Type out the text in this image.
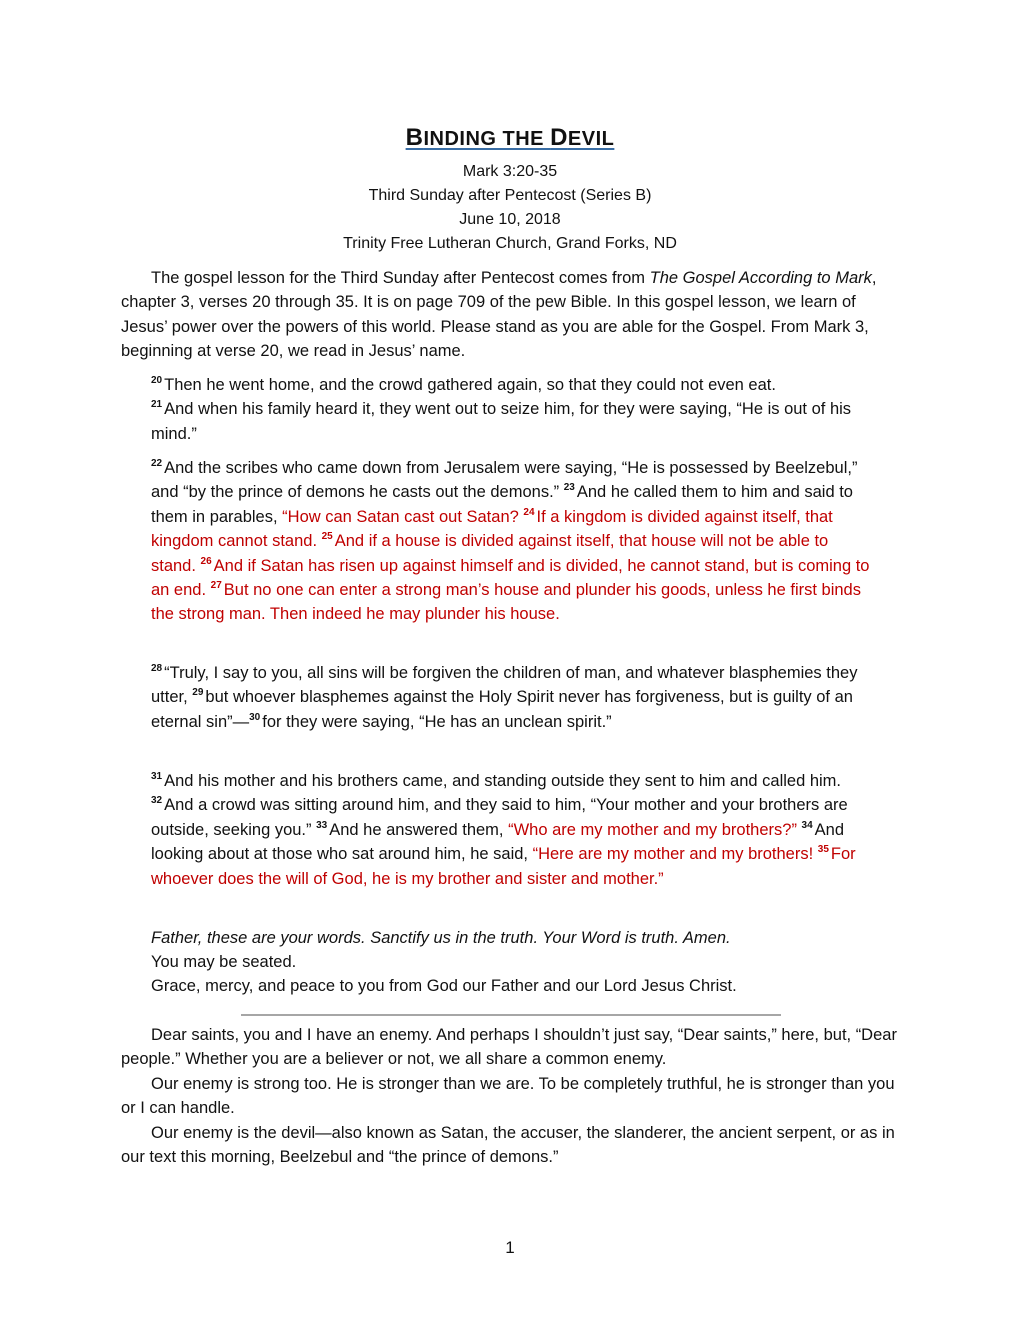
BINDING THE DEVIL
Mark 3:20-35
Third Sunday after Pentecost (Series B)
June 10, 2018
Trinity Free Lutheran Church, Grand Forks, ND

The gospel lesson for the Third Sunday after Pentecost comes from The Gospel According to Mark, chapter 3, verses 20 through 35. It is on page 709 of the pew Bible. In this gospel lesson, we learn of Jesus’ power over the powers of this world. Please stand as you are able for the Gospel. From Mark 3, beginning at verse 20, we read in Jesus’ name.

$^{20}$ Then he went home, and the crowd gathered again, so that they could not even eat.
$^{21}$ And when his family heard it, they went out to seize him, for they were saying, “He is out of his mind.”

$^{22}$ And the scribes who came down from Jerusalem were saying, “He is possessed by Beelzebul,” and “by the prince of demons he casts out the demons.” $^{23}$ And he called them to him and said to them in parables, “How can Satan cast out Satan? $^{24}$ If a kingdom is divided against itself, that kingdom cannot stand. $^{25}$ And if a house is divided against itself, that house will not be able to stand. $^{26}$ And if Satan has risen up against himself and is divided, he cannot stand, but is coming to an end. $^{27}$ But no one can enter a strong man’s house and plunder his goods, unless he first binds the strong man. Then indeed he may plunder his house.

$^{28}$ “Truly, I say to you, all sins will be forgiven the children of man, and whatever blasphemies they utter, $^{29}$ but whoever blasphemes against the Holy Spirit never has forgiveness, but is guilty of an eternal sin”—$^{30}$ for they were saying, “He has an unclean spirit.”

$^{31}$ And his mother and his brothers came, and standing outside they sent to him and called him. $^{32}$ And a crowd was sitting around him, and they said to him, “Your mother and your brothers are outside, seeking you.” $^{33}$ And he answered them, “Who are my mother and my brothers?” $^{34}$ And looking about at those who sat around him, he said, “Here are my mother and my brothers! $^{35}$ For whoever does the will of God, he is my brother and sister and mother.”

Father, these are your words. Sanctify us in the truth. Your Word is truth. Amen.

You may be seated.

Grace, mercy, and peace to you from God our Father and our Lord Jesus Christ.

Dear saints, you and I have an enemy. And perhaps I shouldn’t just say, “Dear saints,” here, but, “Dear people.” Whether you are a believer or not, we all share a common enemy.

Our enemy is strong too. He is stronger than we are. To be completely truthful, he is stronger than you or I can handle.

Our enemy is the devil—also known as Satan, the accuser, the slanderer, the ancient serpent, or as in our text this morning, Beelzebul and “the prince of demons.”

1
